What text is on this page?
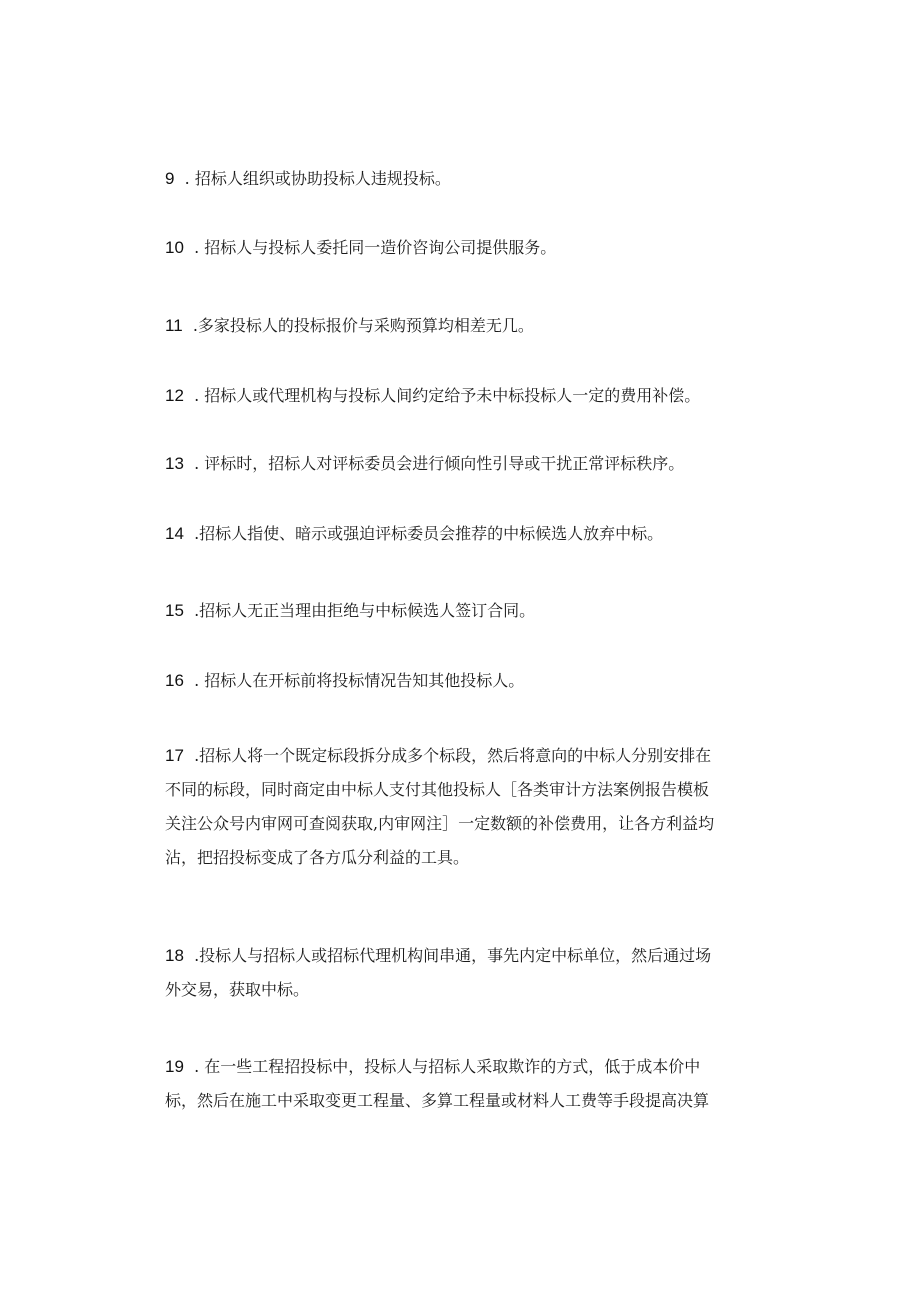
9  . 招标人组织或协助投标人违规投标。
10  . 招标人与投标人委托同一造价咨询公司提供服务。
11  .多家投标人的投标报价与采购预算均相差无几。
12  . 招标人或代理机构与投标人间约定给予未中标投标人一定的费用补偿。
13  . 评标时，招标人对评标委员会进行倾向性引导或干扰正常评标秩序。
14  .招标人指使、暗示或强迫评标委员会推荐的中标候选人放弃中标。
15  .招标人无正当理由拒绝与中标候选人签订合同。
16  . 招标人在开标前将投标情况告知其他投标人。
17  .招标人将一个既定标段拆分成多个标段，然后将意向的中标人分别安排在
不同的标段，同时商定由中标人支付其他投标人［各类审计方法案例报告模板
关注公众号内审网可查阅获取,内审网注］一定数额的补偿费用，让各方利益均
沾，把招投标变成了各方瓜分利益的工具。
18  .投标人与招标人或招标代理机构间串通，事先内定中标单位，然后通过场
外交易，获取中标。
19  . 在一些工程招投标中，投标人与招标人采取欺诈的方式，低于成本价中
标，然后在施工中采取变更工程量、多算工程量或材料人工费等手段提高决算
